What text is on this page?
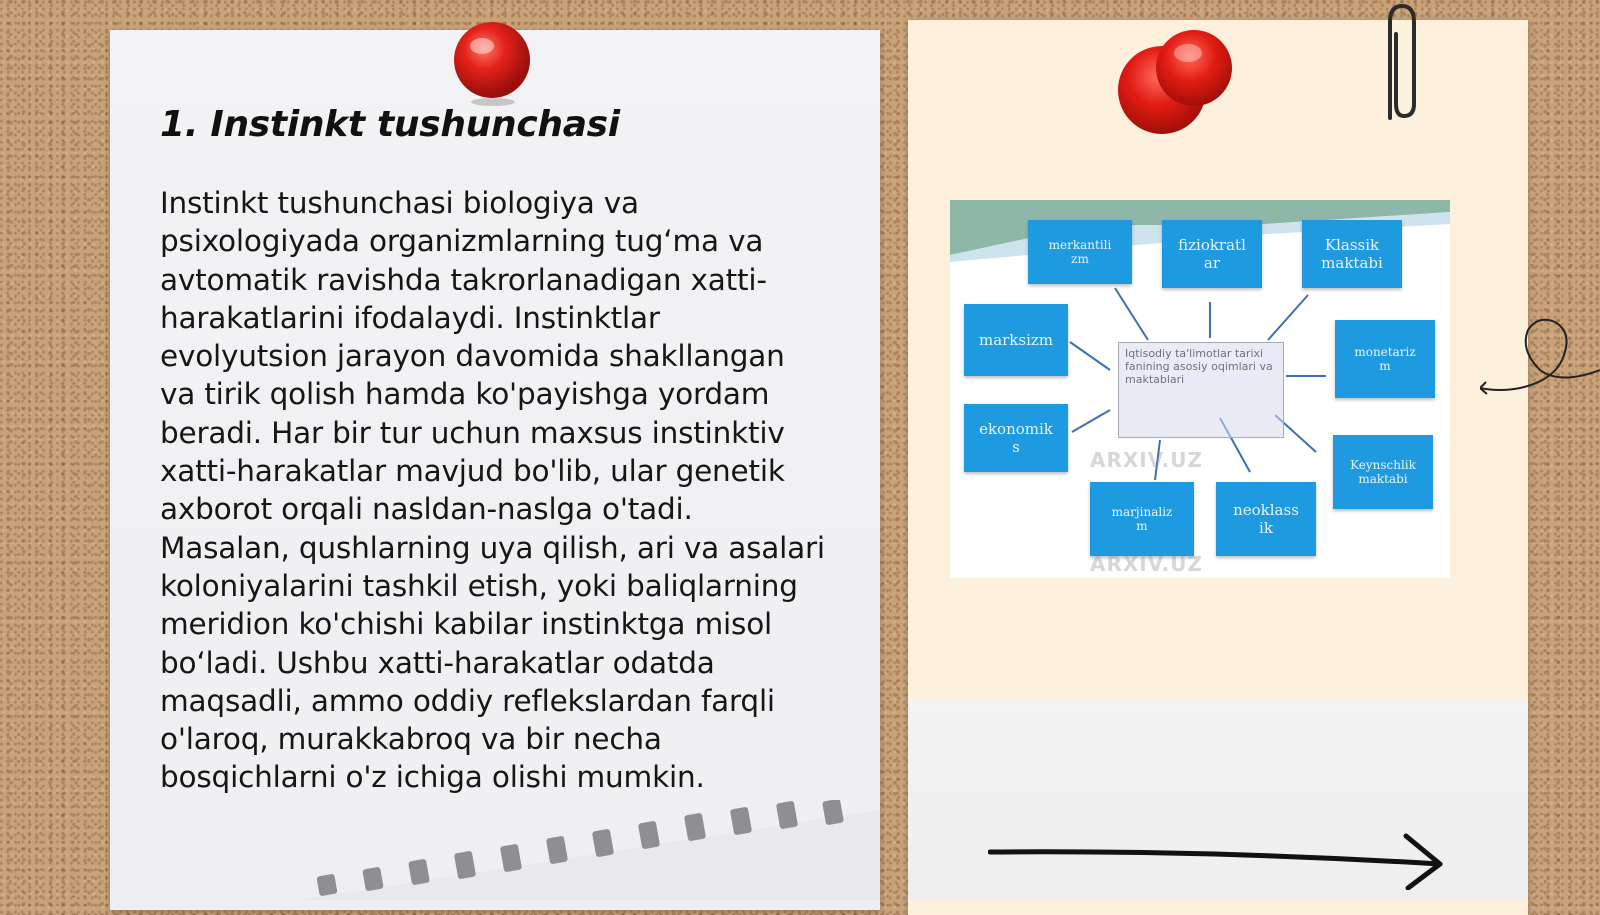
1. Instinkt tushunchasi

Instinkt tushunchasi biologiya va psixologiyada organizmlarning tug‘ma va avtomatik ravishda takrorlanadigan xatti-harakatlarini ifodalaydi. Instinktlar evolyutsion jarayon davomida shakllangan va tirik qolish hamda ko'payishga yordam beradi. Har bir tur uchun maxsus instinktiv xatti-harakatlar mavjud bo'lib, ular genetik axborot orqali nasldan-naslga o'tadi. Masalan, qushlarning uya qilish, ari va asalari koloniyalarini tashkil etish, yoki baliqlarning meridion ko'chishi kabilar instinktga misol bo‘ladi. Ushbu xatti-harakatlar odatda maqsadli, ammo oddiy reflekslardan farqli o'laroq, murakkabroq va bir necha bosqichlarni o'z ichiga olishi mumkin.

merkantili
zm
fiziokratl
ar
Klassik
maktabi
marksizm
monetariz
m
ekonomik
s
Keynschlik
maktabi
marjinaliz
m
neoklass
ik
Iqtisodiy ta'limotlar tarixi fanining asosiy oqimlari va maktablari
ARXIV.UZ
ARXIV.UZ
